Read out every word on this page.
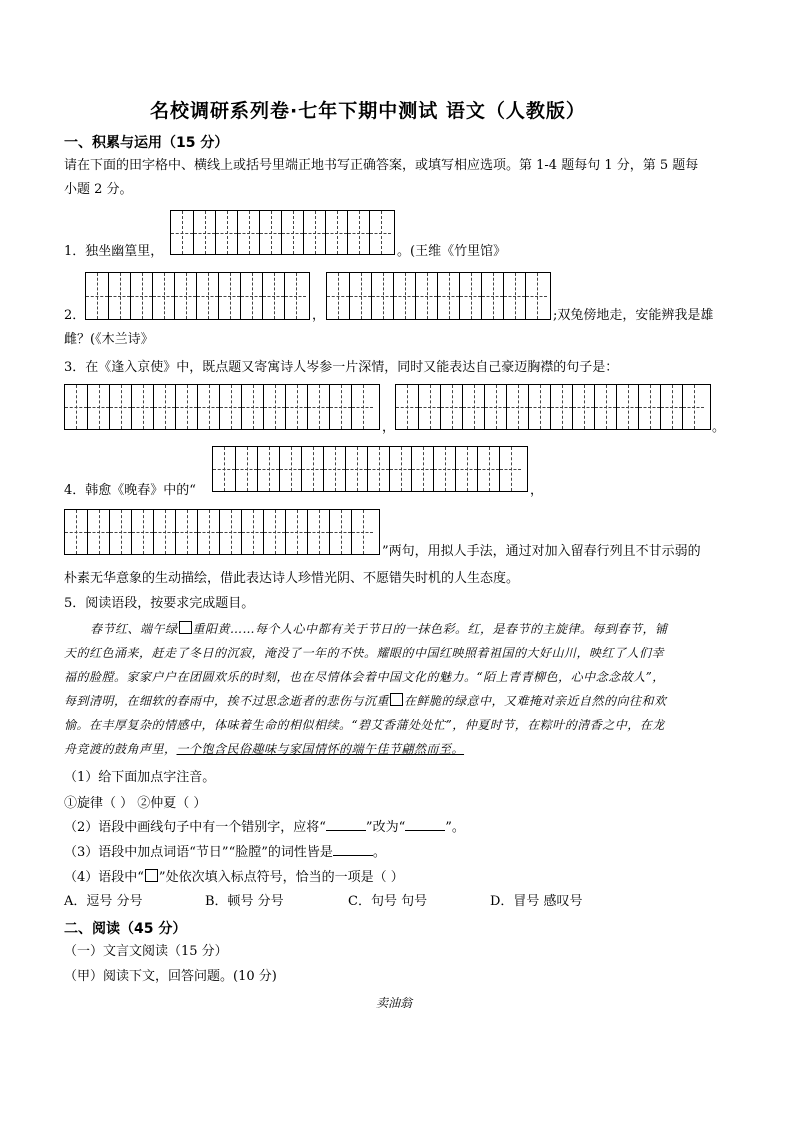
名校调研系列卷·七年下期中测试 语文（人教版）
一、积累与运用（15 分）
请在下面的田字格中、横线上或括号里端正地书写正确答案，或填写相应选项。第 1-4 题每句 1 分，第 5 题每
小题 2 分。
1．独坐幽篁里，	。(王维《竹里馆》
2．	，	;双兔傍地走，安能辨我是雄
雌？(《木兰诗》
3．在《逢入京使》中，既点题又寄寓诗人岑参一片深情，同时又能表达自己豪迈胸襟的句子是：
，	。
4．韩愈《晚春》中的“	，
”两句，用拟人手法，通过对加入留春行列且不甘示弱的
朴素无华意象的生动描绘，借此表达诗人珍惜光阴、不愿错失时机的人生态度。
5．阅读语段，按要求完成题目。
春节红、端午绿 重阳黄……每个人心中都有关于节日的一抹色彩。红，是春节的主旋律。每到春节，铺
天的红色涌来，赶走了冬日的沉寂，淹没了一年的不快。耀眼的中国红映照着祖国的大好山川，映红了人们幸
福的脸膛。家家户户在团圆欢乐的时刻，也在尽情体会着中国文化的魅力。“陌上青青柳色，心中念念故人”，
每到清明，在细软的春雨中，挨不过思念逝者的悲伤与沉重 在鲜脆的绿意中，又难掩对亲近自然的向往和欢
愉。在丰厚复杂的情感中，体味着生命的相似相续。“碧艾香蒲处处忙”，仲夏时节，在粽叶的清香之中，在龙
舟竞渡的鼓角声里，一个饱含民俗趣味与家国情怀的端午佳节翩然而至。
（1）给下面加点字注音。
①旋律（ ） ②仲夏（ ）
（2）语段中画线句子中有一个错别字，应将“	”改为“	”。
（3）语段中加点词语“节日”“脸膛”的词性皆是	。
（4）语段中“ ”处依次填入标点符号，恰当的一项是（ ）
A．逗号 分号	B．顿号 分号	C．句号 句号	D．冒号 感叹号
二、阅读（45 分）
（一）文言文阅读（15 分）
（甲）阅读下文，回答问题。(10 分)
卖油翁
